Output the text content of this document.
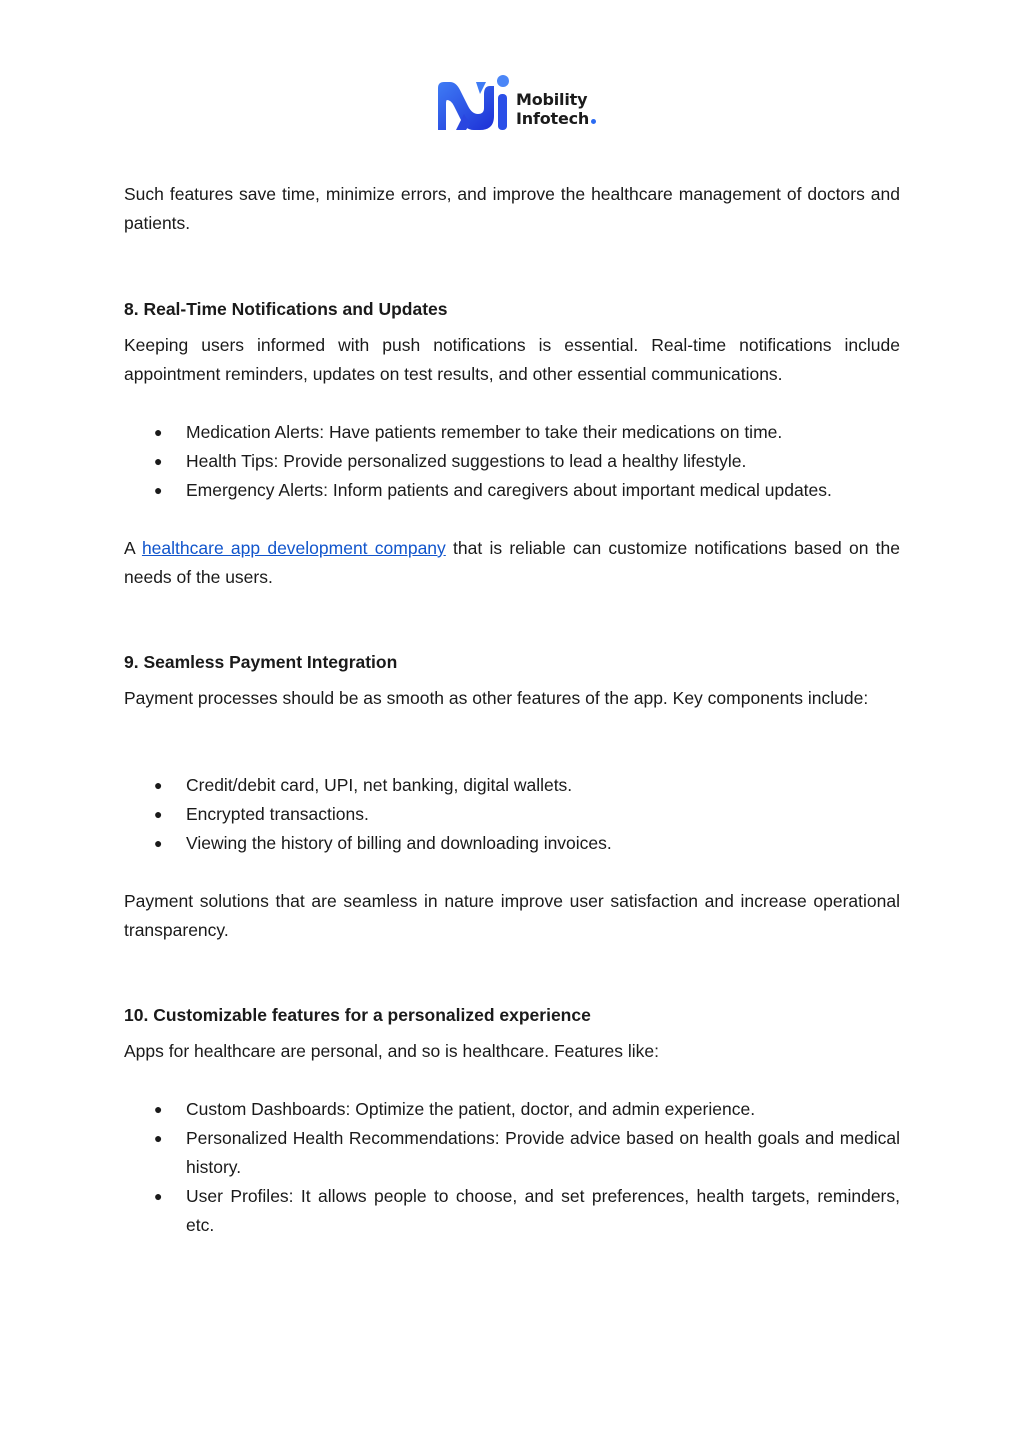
Mobility
Infotech

Such features save time, minimize errors, and improve the healthcare management of doctors and patients.

8. Real-Time Notifications and Updates

Keeping users informed with push notifications is essential. Real-time notifications include appointment reminders, updates on test results, and other essential communications.

● Medication Alerts: Have patients remember to take their medications on time.
● Health Tips: Provide personalized suggestions to lead a healthy lifestyle.
● Emergency Alerts: Inform patients and caregivers about important medical updates.

A healthcare app development company that is reliable can customize notifications based on the needs of the users.

9. Seamless Payment Integration

Payment processes should be as smooth as other features of the app. Key components include:

● Credit/debit card, UPI, net banking, digital wallets.
● Encrypted transactions.
● Viewing the history of billing and downloading invoices.

Payment solutions that are seamless in nature improve user satisfaction and increase operational transparency.

10. Customizable features for a personalized experience

Apps for healthcare are personal, and so is healthcare. Features like:

● Custom Dashboards: Optimize the patient, doctor, and admin experience.
● Personalized Health Recommendations: Provide advice based on health goals and medical history.
● User Profiles: It allows people to choose, and set preferences, health targets, reminders, etc.
